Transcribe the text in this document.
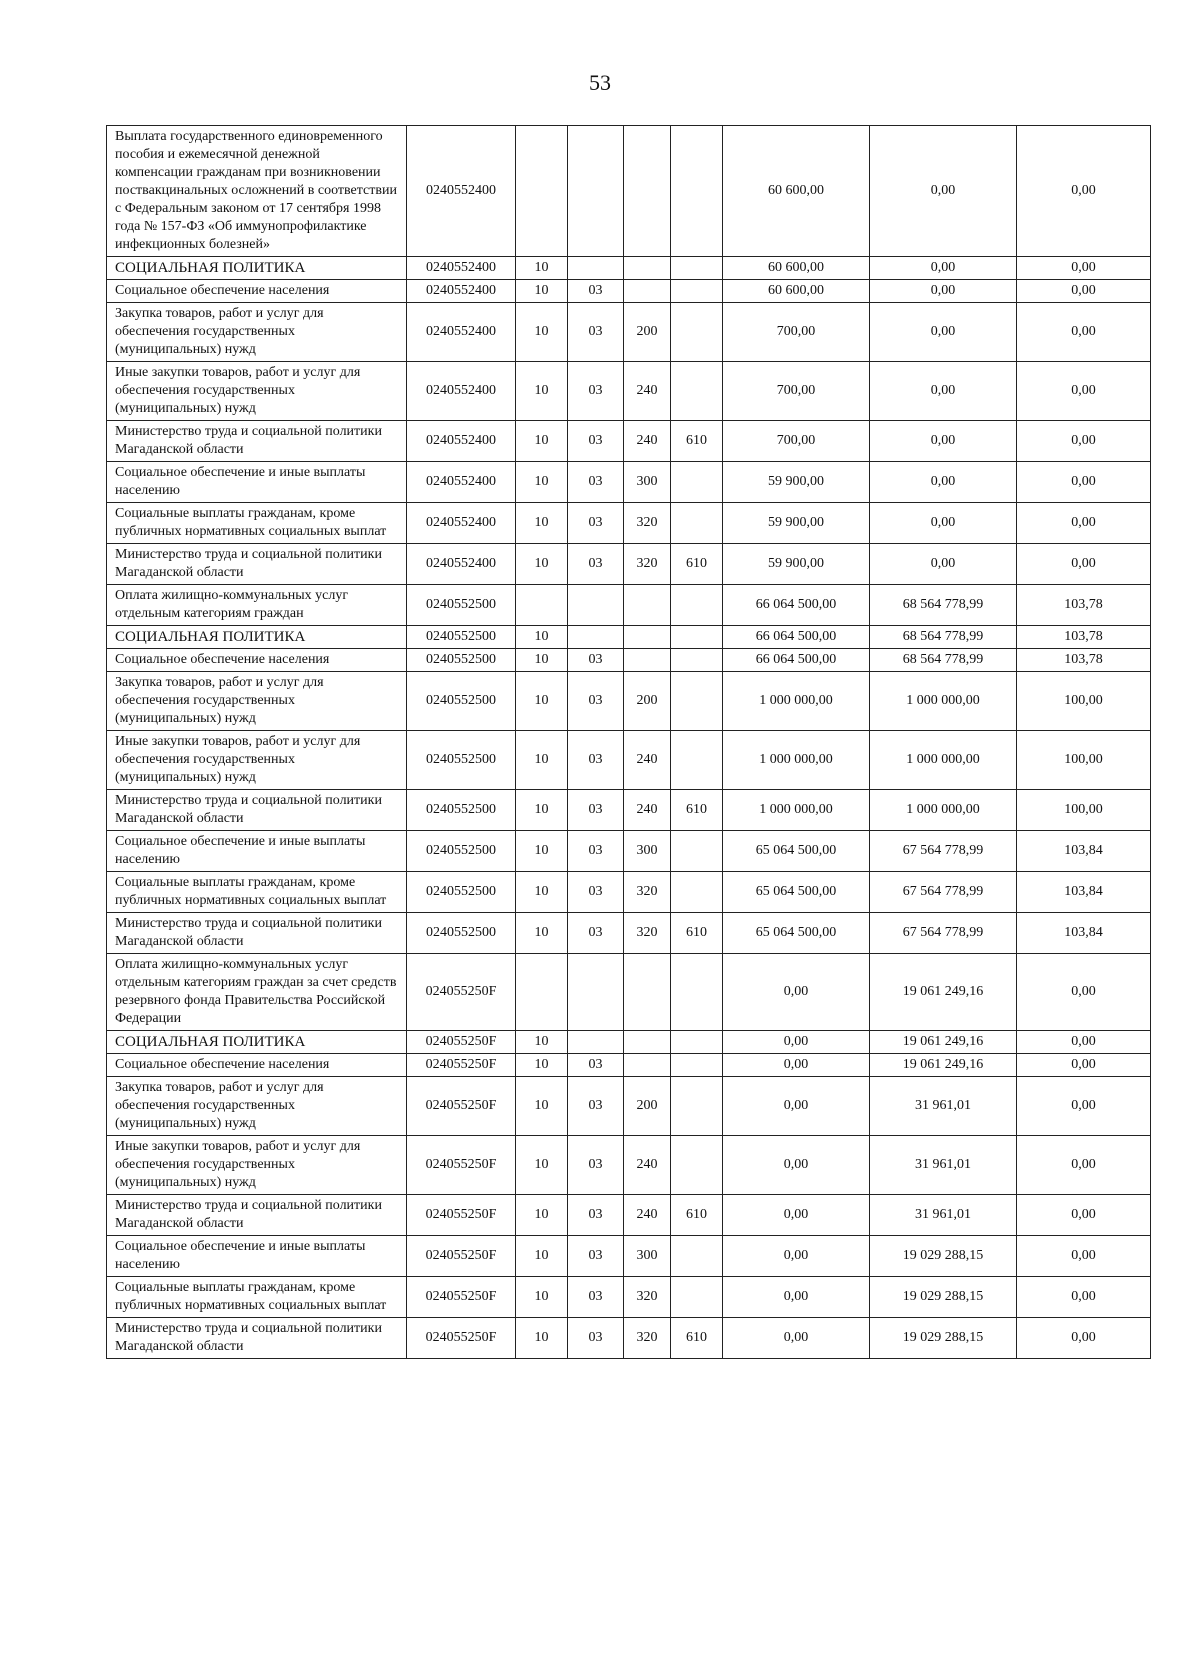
53
Выплата государственного единовременного пособия и ежемесячной денежной компенсации гражданам при возникновении поствакцинальных осложнений в соответствии с Федеральным законом от 17 сентября 1998 года № 157-ФЗ «Об иммунопрофилактике инфекционных болезней»	0240552400					60 600,00	0,00	0,00
СОЦИАЛЬНАЯ ПОЛИТИКА	0240552400	10				60 600,00	0,00	0,00
Социальное обеспечение населения	0240552400	10	03			60 600,00	0,00	0,00
Закупка товаров, работ и услуг для обеспечения государственных (муниципальных) нужд	0240552400	10	03	200		700,00	0,00	0,00
Иные закупки товаров, работ и услуг для обеспечения государственных (муниципальных) нужд	0240552400	10	03	240		700,00	0,00	0,00
Министерство труда и социальной политики Магаданской области	0240552400	10	03	240	610	700,00	0,00	0,00
Социальное обеспечение и иные выплаты населению	0240552400	10	03	300		59 900,00	0,00	0,00
Социальные выплаты гражданам, кроме публичных нормативных социальных выплат	0240552400	10	03	320		59 900,00	0,00	0,00
Министерство труда и социальной политики Магаданской области	0240552400	10	03	320	610	59 900,00	0,00	0,00
Оплата жилищно-коммунальных услуг отдельным категориям граждан	0240552500					66 064 500,00	68 564 778,99	103,78
СОЦИАЛЬНАЯ ПОЛИТИКА	0240552500	10				66 064 500,00	68 564 778,99	103,78
Социальное обеспечение населения	0240552500	10	03			66 064 500,00	68 564 778,99	103,78
Закупка товаров, работ и услуг для обеспечения государственных (муниципальных) нужд	0240552500	10	03	200		1 000 000,00	1 000 000,00	100,00
Иные закупки товаров, работ и услуг для обеспечения государственных (муниципальных) нужд	0240552500	10	03	240		1 000 000,00	1 000 000,00	100,00
Министерство труда и социальной политики Магаданской области	0240552500	10	03	240	610	1 000 000,00	1 000 000,00	100,00
Социальное обеспечение и иные выплаты населению	0240552500	10	03	300		65 064 500,00	67 564 778,99	103,84
Социальные выплаты гражданам, кроме публичных нормативных социальных выплат	0240552500	10	03	320		65 064 500,00	67 564 778,99	103,84
Министерство труда и социальной политики Магаданской области	0240552500	10	03	320	610	65 064 500,00	67 564 778,99	103,84
Оплата жилищно-коммунальных услуг отдельным категориям граждан за счет средств резервного фонда Правительства Российской Федерации	024055250F					0,00	19 061 249,16	0,00
СОЦИАЛЬНАЯ ПОЛИТИКА	024055250F	10				0,00	19 061 249,16	0,00
Социальное обеспечение населения	024055250F	10	03			0,00	19 061 249,16	0,00
Закупка товаров, работ и услуг для обеспечения государственных (муниципальных) нужд	024055250F	10	03	200		0,00	31 961,01	0,00
Иные закупки товаров, работ и услуг для обеспечения государственных (муниципальных) нужд	024055250F	10	03	240		0,00	31 961,01	0,00
Министерство труда и социальной политики Магаданской области	024055250F	10	03	240	610	0,00	31 961,01	0,00
Социальное обеспечение и иные выплаты населению	024055250F	10	03	300		0,00	19 029 288,15	0,00
Социальные выплаты гражданам, кроме публичных нормативных социальных выплат	024055250F	10	03	320		0,00	19 029 288,15	0,00
Министерство труда и социальной политики Магаданской области	024055250F	10	03	320	610	0,00	19 029 288,15	0,00
